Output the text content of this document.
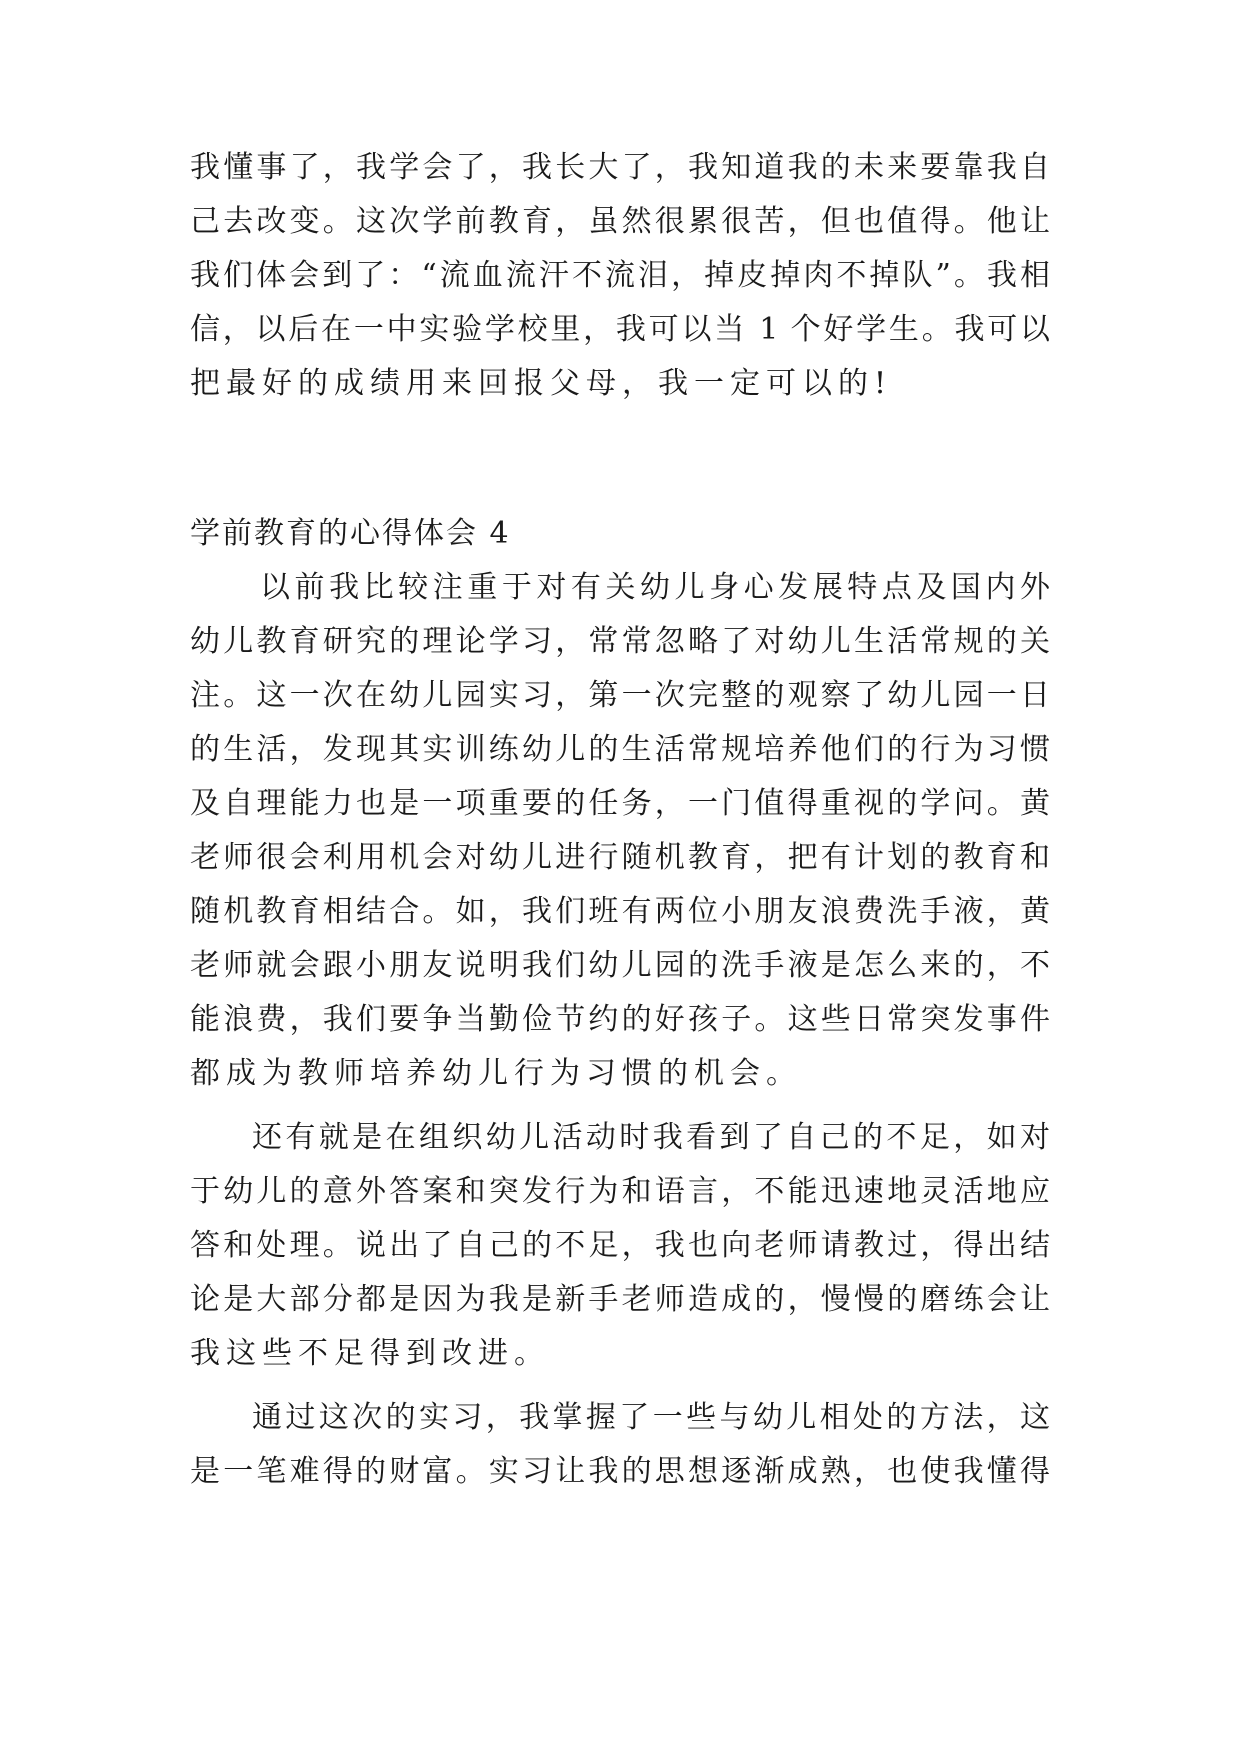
我懂事了，我学会了，我长大了，我知道我的未来要靠我自
己去改变。这次学前教育，虽然很累很苦，但也值得。他让
我们体会到了：“流血流汗不流泪，掉皮掉肉不掉队”。我相
信，以后在一中实验学校里，我可以当 1 个好学生。我可以
把最好的成绩用来回报父母，我一定可以的!
学前教育的心得体会 4
以前我比较注重于对有关幼儿身心发展特点及国内外
幼儿教育研究的理论学习，常常忽略了对幼儿生活常规的关
注。这一次在幼儿园实习，第一次完整的观察了幼儿园一日
的生活，发现其实训练幼儿的生活常规培养他们的行为习惯
及自理能力也是一项重要的任务，一门值得重视的学问。黄
老师很会利用机会对幼儿进行随机教育，把有计划的教育和
随机教育相结合。如，我们班有两位小朋友浪费洗手液，黄
老师就会跟小朋友说明我们幼儿园的洗手液是怎么来的，不
能浪费，我们要争当勤俭节约的好孩子。这些日常突发事件
都成为教师培养幼儿行为习惯的机会。
还有就是在组织幼儿活动时我看到了自己的不足，如对
于幼儿的意外答案和突发行为和语言，不能迅速地灵活地应
答和处理。说出了自己的不足，我也向老师请教过，得出结
论是大部分都是因为我是新手老师造成的，慢慢的磨练会让
我这些不足得到改进。
通过这次的实习，我掌握了一些与幼儿相处的方法，这
是一笔难得的财富。实习让我的思想逐渐成熟，也使我懂得
